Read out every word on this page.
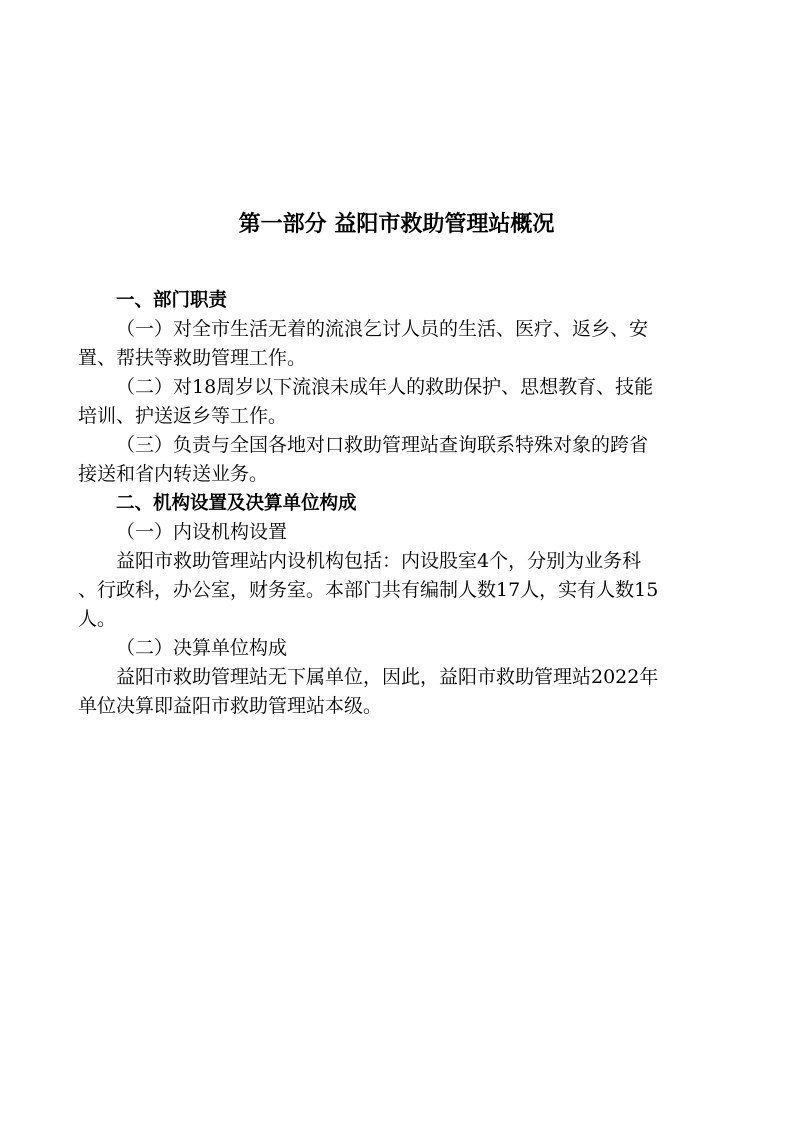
第一部分 益阳市救助管理站概况
一、部门职责
（一）对全市生活无着的流浪乞讨人员的生活、医疗、返乡、安
置、帮扶等救助管理工作。
（二）对18周岁以下流浪未成年人的救助保护、思想教育、技能
培训、护送返乡等工作。
（三）负责与全国各地对口救助管理站查询联系特殊对象的跨省
接送和省内转送业务。
二、机构设置及决算单位构成
（一）内设机构设置
益阳市救助管理站内设机构包括：内设股室4个，分别为业务科
、行政科，办公室，财务室。本部门共有编制人数17人，实有人数15
人。
（二）决算单位构成
益阳市救助管理站无下属单位，因此，益阳市救助管理站2022年
单位决算即益阳市救助管理站本级。
